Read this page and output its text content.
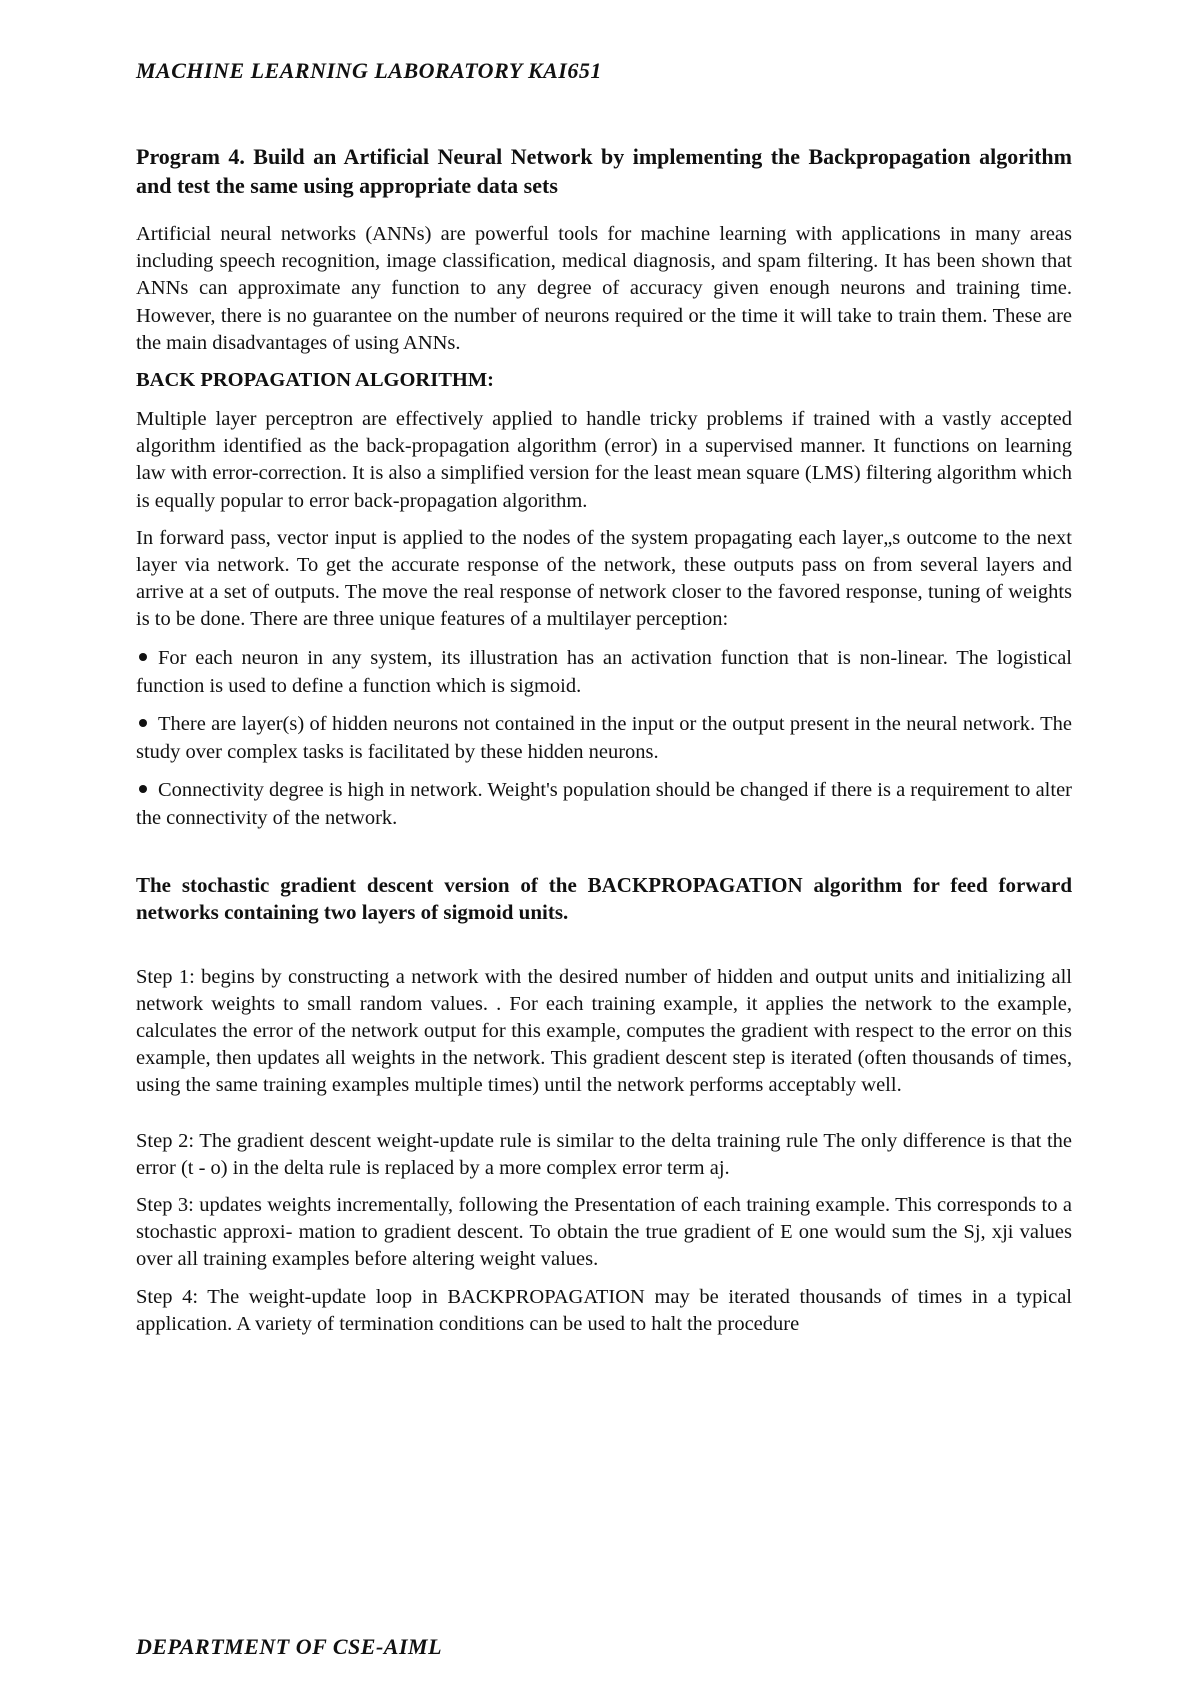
MACHINE LEARNING LABORATORY KAI651
Program 4. Build an Artificial Neural Network by implementing the Backpropagation algorithm and test the same using appropriate data sets

Artificial neural networks (ANNs) are powerful tools for machine learning with applications in many areas including speech recognition, image classification, medical diagnosis, and spam filtering. It has been shown that ANNs can approximate any function to any degree of accuracy given enough neurons and training time. However, there is no guarantee on the number of neurons required or the time it will take to train them. These are the main disadvantages of using ANNs.

BACK PROPAGATION ALGORITHM:

Multiple layer perceptron are effectively applied to handle tricky problems if trained with a vastly accepted algorithm identified as the back-propagation algorithm (error) in a supervised manner. It functions on learning law with error-correction. It is also a simplified version for the least mean square (LMS) filtering algorithm which is equally popular to error back-propagation algorithm.

In forward pass, vector input is applied to the nodes of the system propagating each layer„s outcome to the next layer via network. To get the accurate response of the network, these outputs pass on from several layers and arrive at a set of outputs. The move the real response of network closer to the favored response, tuning of weights is to be done. There are three unique features of a multilayer perception:

For each neuron in any system, its illustration has an activation function that is non-linear. The logistical function is used to define a function which is sigmoid.
There are layer(s) of hidden neurons not contained in the input or the output present in the neural network. The study over complex tasks is facilitated by these hidden neurons.
Connectivity degree is high in network. Weight's population should be changed if there is a requirement to alter the connectivity of the network.
The stochastic gradient descent version of the BACKPROPAGATION algorithm for feed forward networks containing two layers of sigmoid units.

Step 1: begins by constructing a network with the desired number of hidden and output units and initializing all network weights to small random values. . For each training example, it applies the network to the example, calculates the error of the network output for this example, computes the gradient with respect to the error on this example, then updates all weights in the network. This gradient descent step is iterated (often thousands of times, using the same training examples multiple times) until the network performs acceptably well.

Step 2: The gradient descent weight-update rule is similar to the delta training rule The only difference is that the error (t - o) in the delta rule is replaced by a more complex error term aj.

Step 3: updates weights incrementally, following the Presentation of each training example. This corresponds to a stochastic approxi- mation to gradient descent. To obtain the true gradient of E one would sum the Sj, xji values over all training examples before altering weight values.

Step 4: The weight-update loop in BACKPROPAGATION may be iterated thousands of times in a typical application. A variety of termination conditions can be used to halt the procedure

DEPARTMENT OF CSE-AIML
